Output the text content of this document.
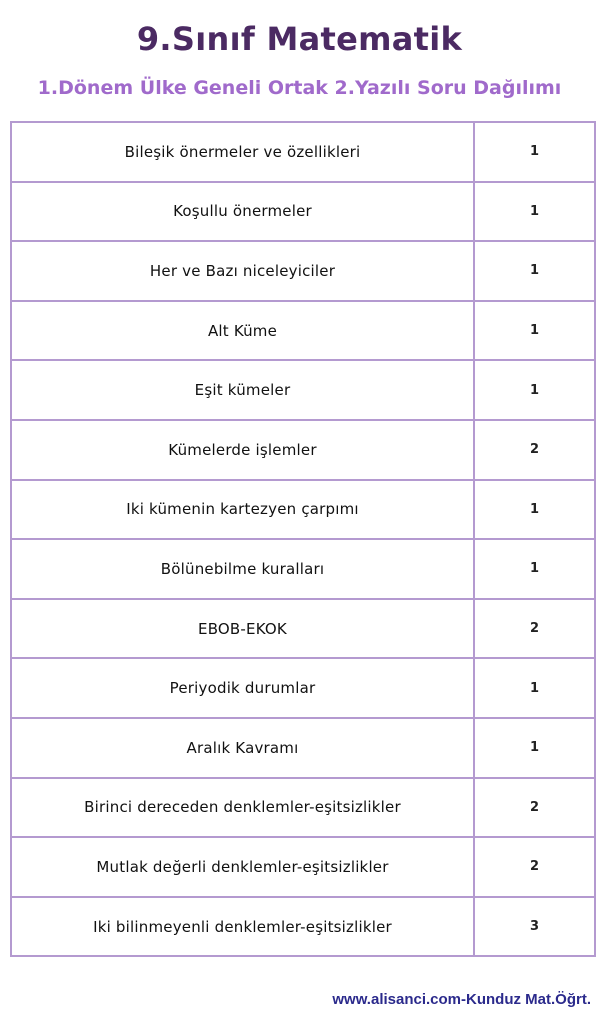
9.Sınıf Matematik
1.Dönem Ülke Geneli Ortak 2.Yazılı Soru Dağılımı
Bileşik önermeler ve özellikleri	1
Koşullu önermeler	1
Her ve Bazı niceleyiciler	1
Alt Küme	1
Eşit kümeler	1
Kümelerde işlemler	2
Iki kümenin kartezyen çarpımı	1
Bölünebilme kuralları	1
EBOB-EKOK	2
Periyodik durumlar	1
Aralık Kavramı	1
Birinci dereceden denklemler-eşitsizlikler	2
Mutlak değerli denklemler-eşitsizlikler	2
Iki bilinmeyenli denklemler-eşitsizlikler	3
www.alisanci.com-Kunduz Mat.Öğrt.
